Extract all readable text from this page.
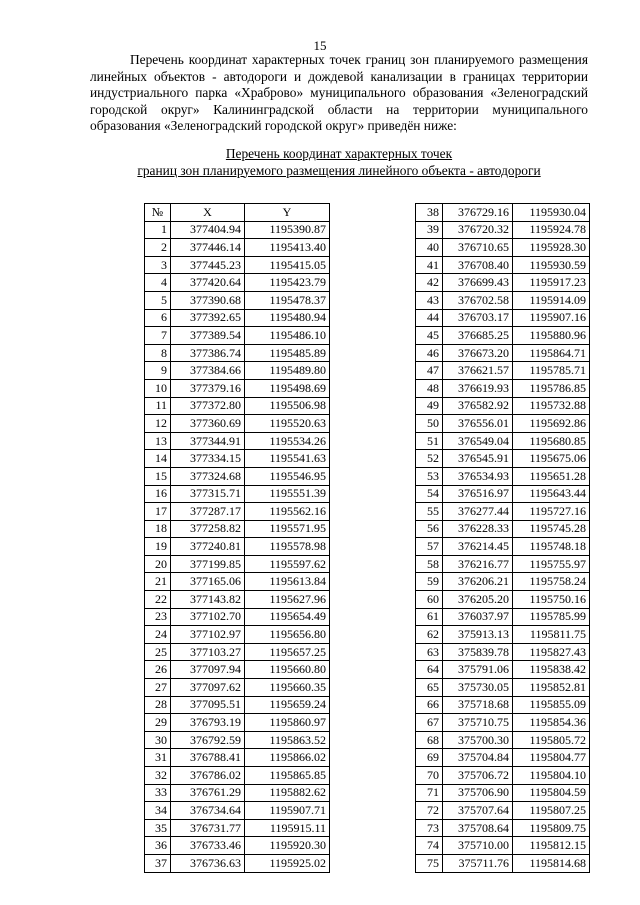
15

Перечень координат характерных точек границ зон планируемого размещения линейных объектов - автодороги и дождевой канализации в границах территории индустриального парка «Храброво» муниципального образования «Зеленоградский городской округ» Калининградской области на территории муниципального образования «Зеленоградский городской округ» приведён ниже:

Перечень координат характерных точек
границ зон планируемого размещения линейного объекта - автодороги
№	X	Y
1	377404.94	1195390.87
2	377446.14	1195413.40
3	377445.23	1195415.05
4	377420.64	1195423.79
5	377390.68	1195478.37
6	377392.65	1195480.94
7	377389.54	1195486.10
8	377386.74	1195485.89
9	377384.66	1195489.80
10	377379.16	1195498.69
11	377372.80	1195506.98
12	377360.69	1195520.63
13	377344.91	1195534.26
14	377334.15	1195541.63
15	377324.68	1195546.95
16	377315.71	1195551.39
17	377287.17	1195562.16
18	377258.82	1195571.95
19	377240.81	1195578.98
20	377199.85	1195597.62
21	377165.06	1195613.84
22	377143.82	1195627.96
23	377102.70	1195654.49
24	377102.97	1195656.80
25	377103.27	1195657.25
26	377097.94	1195660.80
27	377097.62	1195660.35
28	377095.51	1195659.24
29	376793.19	1195860.97
30	376792.59	1195863.52
31	376788.41	1195866.02
32	376786.02	1195865.85
33	376761.29	1195882.62
34	376734.64	1195907.71
35	376731.77	1195915.11
36	376733.46	1195920.30
37	376736.63	1195925.02
38	376729.16	1195930.04
39	376720.32	1195924.78
40	376710.65	1195928.30
41	376708.40	1195930.59
42	376699.43	1195917.23
43	376702.58	1195914.09
44	376703.17	1195907.16
45	376685.25	1195880.96
46	376673.20	1195864.71
47	376621.57	1195785.71
48	376619.93	1195786.85
49	376582.92	1195732.88
50	376556.01	1195692.86
51	376549.04	1195680.85
52	376545.91	1195675.06
53	376534.93	1195651.28
54	376516.97	1195643.44
55	376277.44	1195727.16
56	376228.33	1195745.28
57	376214.45	1195748.18
58	376216.77	1195755.97
59	376206.21	1195758.24
60	376205.20	1195750.16
61	376037.97	1195785.99
62	375913.13	1195811.75
63	375839.78	1195827.43
64	375791.06	1195838.42
65	375730.05	1195852.81
66	375718.68	1195855.09
67	375710.75	1195854.36
68	375700.30	1195805.72
69	375704.84	1195804.77
70	375706.72	1195804.10
71	375706.90	1195804.59
72	375707.64	1195807.25
73	375708.64	1195809.75
74	375710.00	1195812.15
75	375711.76	1195814.68
